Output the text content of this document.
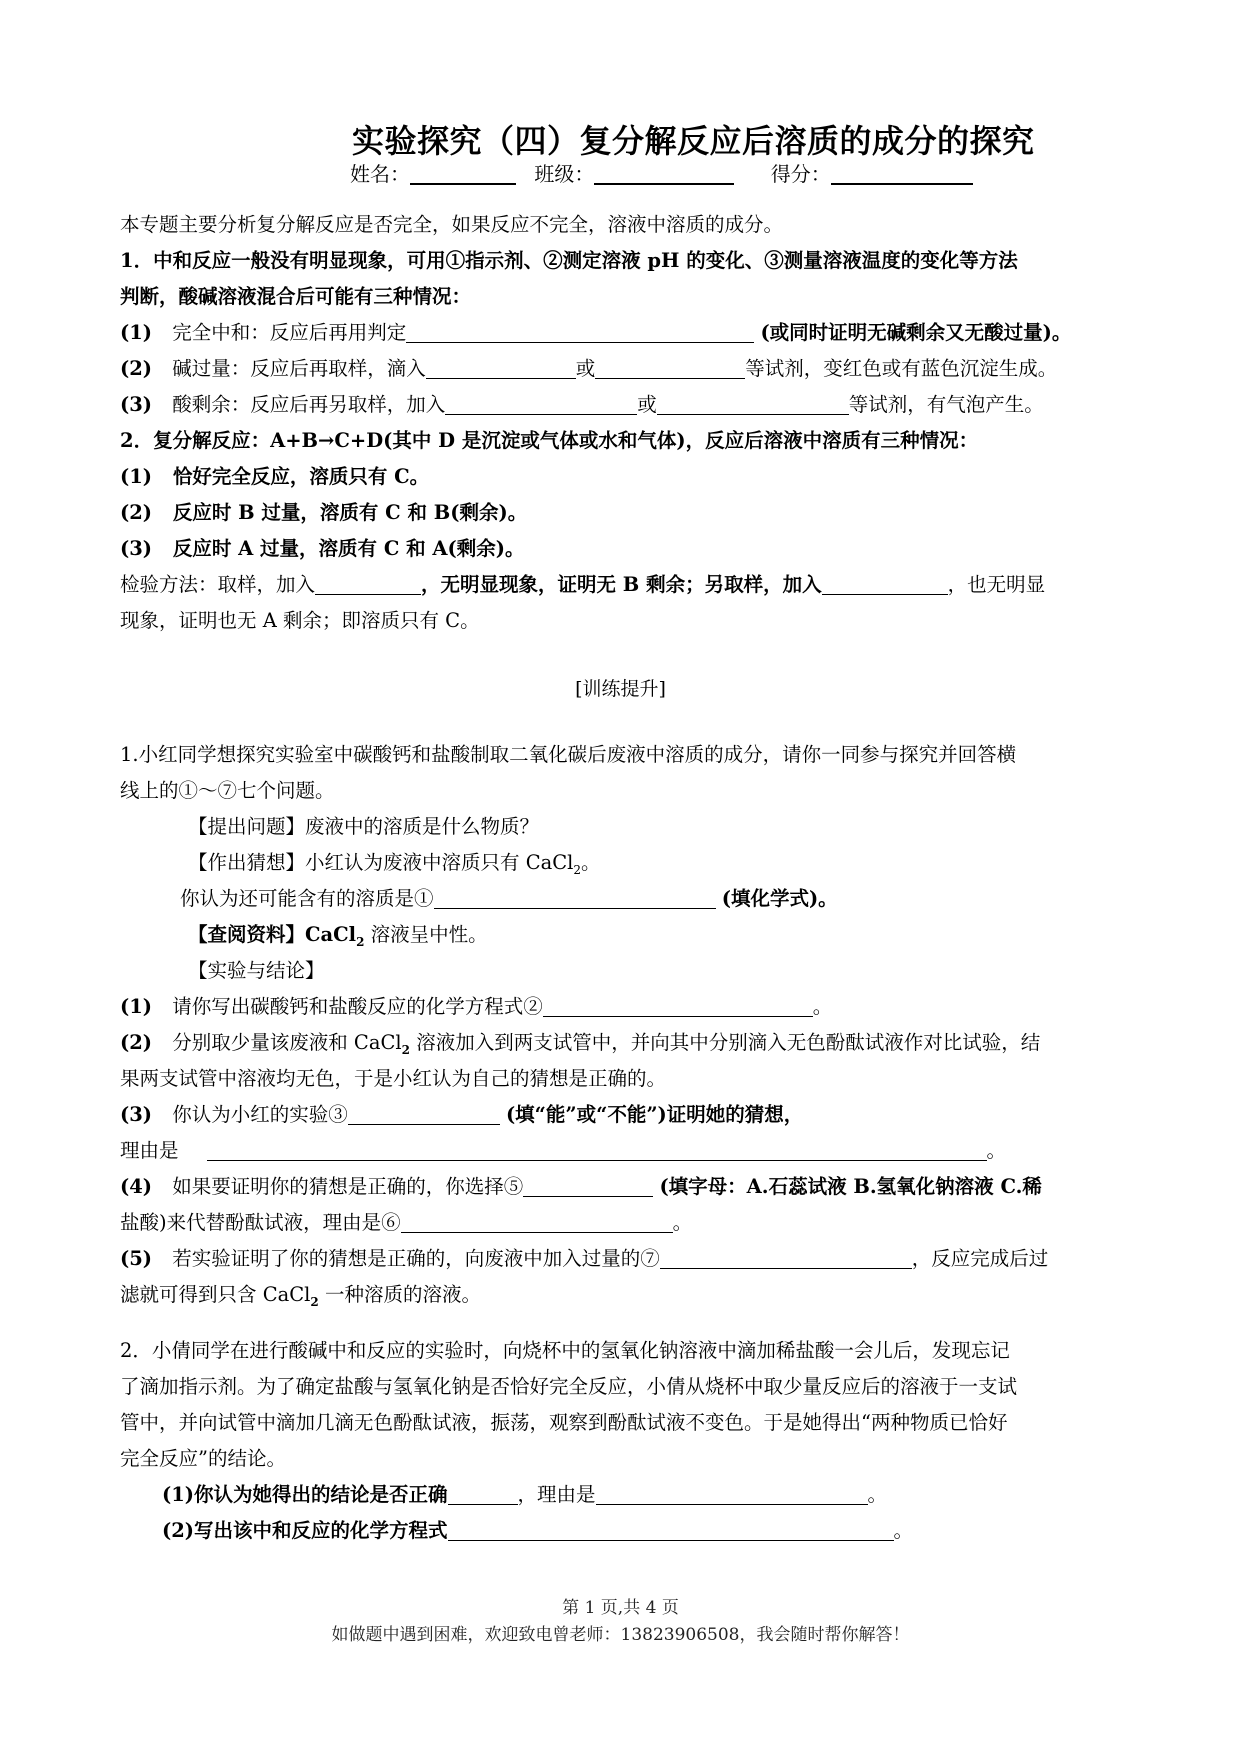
实验探究（四）复分解反应后溶质的成分的探究
姓名：	班级：	得分：
本专题主要分析复分解反应是否完全，如果反应不完全，溶液中溶质的成分。
1．中和反应一般没有明显现象，可用①指示剂、②测定溶液 pH 的变化、③测量溶液温度的变化等方法
判断，酸碱溶液混合后可能有三种情况：
(1) 完全中和：反应后再用判定	(或同时证明无碱剩余又无酸过量)。
(2) 碱过量：反应后再取样，滴入	或	等试剂，变红色或有蓝色沉淀生成。
(3) 酸剩余：反应后再另取样，加入	或	等试剂，有气泡产生。
2．复分解反应：A+B→C+D(其中 D 是沉淀或气体或水和气体)，反应后溶液中溶质有三种情况：
(1) 恰好完全反应，溶质只有 C。
(2) 反应时 B 过量，溶质有 C 和 B(剩余)。
(3) 反应时 A 过量，溶质有 C 和 A(剩余)。
检验方法：取样，加入	，无明显现象，证明无 B 剩余；另取样，加入	，也无明显
现象，证明也无 A 剩余；即溶质只有 C。
[训练提升]
1.小红同学想探究实验室中碳酸钙和盐酸制取二氧化碳后废液中溶质的成分，请你一同参与探究并回答横
线上的①～⑦七个问题。
【提出问题】废液中的溶质是什么物质？
【作出猜想】小红认为废液中溶质只有 CaCl$_2$。
你认为还可能含有的溶质是①	(填化学式)。
【查阅资料】CaCl$_2$ 溶液呈中性。
【实验与结论】
(1) 请你写出碳酸钙和盐酸反应的化学方程式②	。
(2) 分别取少量该废液和 CaCl$_2$ 溶液加入到两支试管中，并向其中分别滴入无色酚酞试液作对比试验，结
果两支试管中溶液均无色，于是小红认为自己的猜想是正确的。
(3) 你认为小红的实验③	(填“能”或“不能”)证明她的猜想，
理由是	。
(4) 如果要证明你的猜想是正确的，你选择⑤	(填字母：A.石蕊试液 B.氢氧化钠溶液 C.稀
盐酸)来代替酚酞试液，理由是⑥	。
(5) 若实验证明了你的猜想是正确的，向废液中加入过量的⑦	，反应完成后过
滤就可得到只含 CaCl$_2$ 一种溶质的溶液。
2．小倩同学在进行酸碱中和反应的实验时，向烧杯中的氢氧化钠溶液中滴加稀盐酸一会儿后，发现忘记
了滴加指示剂。为了确定盐酸与氢氧化钠是否恰好完全反应，小倩从烧杯中取少量反应后的溶液于一支试
管中，并向试管中滴加几滴无色酚酞试液，振荡，观察到酚酞试液不变色。于是她得出“两种物质已恰好
完全反应”的结论。
(1)你认为她得出的结论是否正确	，理由是	。
(2)写出该中和反应的化学方程式	。
第 1 页,共 4 页
如做题中遇到困难，欢迎致电曾老师：13823906508，我会随时帮你解答！
